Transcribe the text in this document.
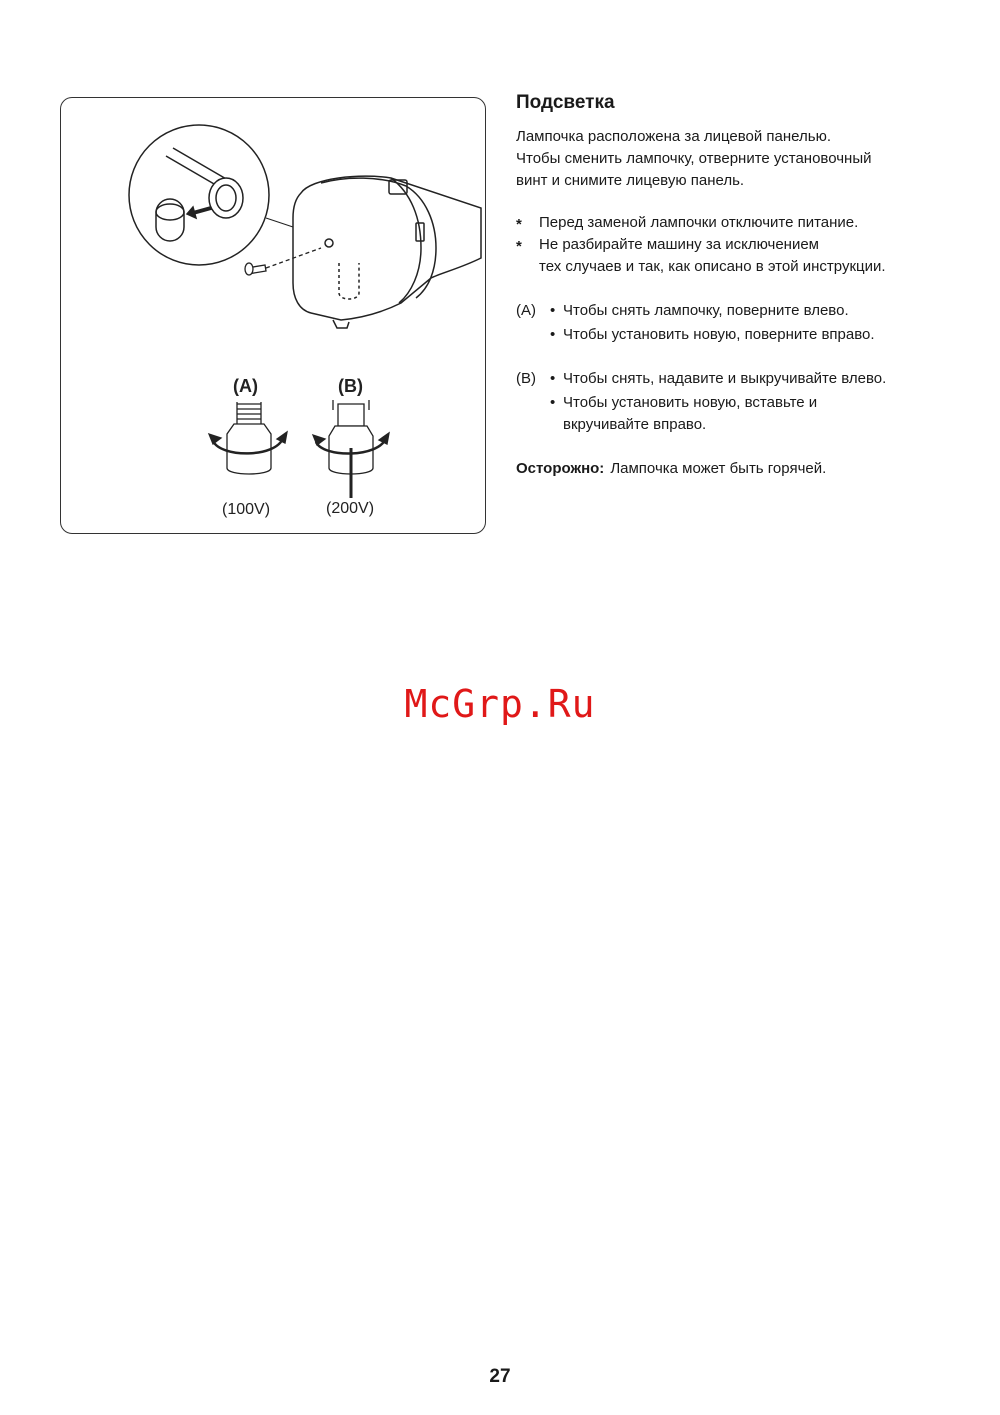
(A)	(B)
(100V)	(200V)
Подсветка
Лампочка расположена за лицевой панелью.
Чтобы сменить лампочку, отверните установочный
винт и снимите лицевую панель.
* Перед заменой лампочки отключите питание.
* Не разбирайте машину за исключением
тех случаев и так, как описано в этой инструкции.
(A) • Чтобы снять лампочку, поверните влево.
• Чтобы установить новую, поверните вправо.
(B) • Чтобы снять, надавите и выкручивайте влево.
• Чтобы установить новую, вставьте и
вкручивайте вправо.
Осторожно: Лампочка может быть горячей.
McGrp.Ru
27
